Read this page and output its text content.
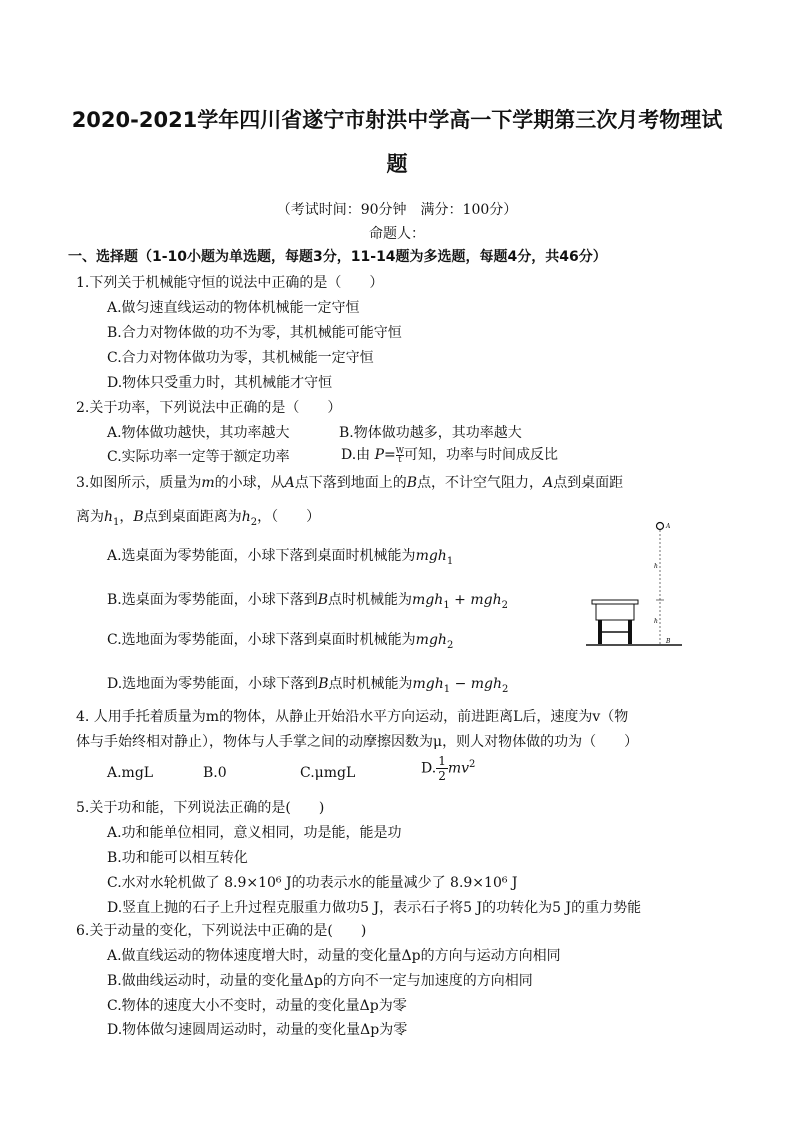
2020-2021学年四川省遂宁市射洪中学高一下学期第三次月考物理试
题
（考试时间：90分钟　满分：100分）
命题人：
一、选择题（1-10小题为单选题，每题3分，11-14题为多选题，每题4分，共46分）
1.下列关于机械能守恒的说法中正确的是（　　）
A.做匀速直线运动的物体机械能一定守恒
B.合力对物体做的功不为零，其机械能可能守恒
C.合力对物体做功为零，其机械能一定守恒
D.物体只受重力时，其机械能才守恒
2.关于功率，下列说法中正确的是（　　）
A.物体做功越快，其功率越大	B.物体做功越多，其功率越大
C.实际功率一定等于额定功率	D.由 $P= \frac{W}{t}$可知，功率与时间成反比
3.如图所示，质量为m的小球，从A点下落到地面上的B点，不计空气阻力，A点到桌面距
离为$h_1$，B点到桌面距离为$h_2$，（　　）
A.选桌面为零势能面，小球下落到桌面时机械能为mgh$_1$
B.选桌面为零势能面，小球下落到B点时机械能为mgh$_1$ + mgh$_2$
C.选地面为零势能面，小球下落到桌面时机械能为mgh$_2$
D.选地面为零势能面，小球下落到B点时机械能为mgh$_1$ − mgh$_2$
A
h
h
B
4. 人用手托着质量为m的物体，从静止开始沿水平方向运动，前进距离L后，速度为v（物
体与手始终相对静止），物体与人手掌之间的动摩擦因数为μ，则人对物体做的功为（　　）
A.mgL	B.0	C.μmgL	D. $\frac{1}{2} mv^2$
5.关于功和能，下列说法正确的是(　　)
A.功和能单位相同，意义相同，功是能，能是功
B.功和能可以相互转化
C.水对水轮机做了 8.9×10⁶ J的功表示水的能量减少了 8.9×10⁶ J
D.竖直上抛的石子上升过程克服重力做功5 J，表示石子将5 J的功转化为5 J的重力势能
6.关于动量的变化，下列说法中正确的是(　　)
A.做直线运动的物体速度增大时，动量的变化量Δp的方向与运动方向相同
B.做曲线运动时，动量的变化量Δp的方向不一定与加速度的方向相同
C.物体的速度大小不变时，动量的变化量Δp为零
D.物体做匀速圆周运动时，动量的变化量Δp为零
